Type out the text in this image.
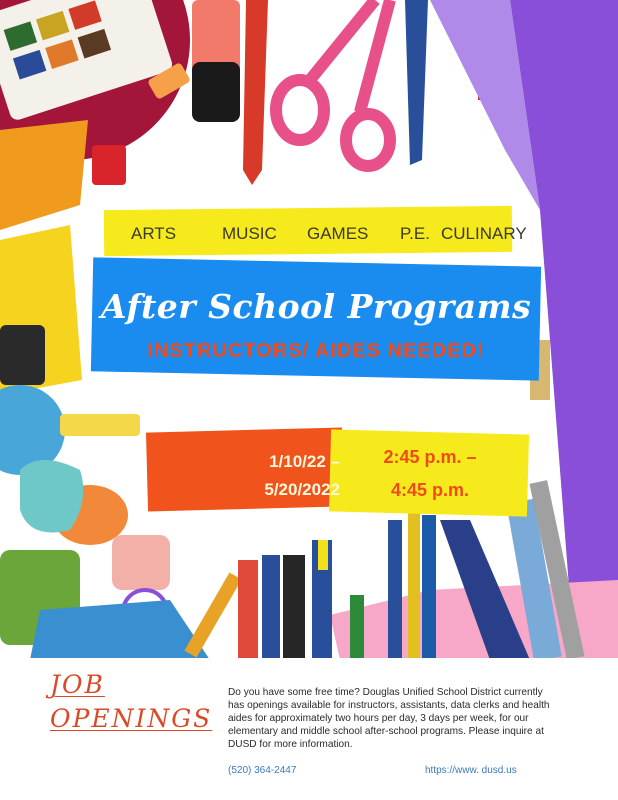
ARTS	MUSIC GAMES P.E. CULINARY
After School Programs
INSTRUCTORS/ AIDES NEEDED!
1/10/22 –
5/20/2022
2:45 p.m. –
4:45 p.m.
JOB
OPENINGS
Do you have some free time? Douglas Unified School District currently has openings available for instructors, assistants, data clerks and health aides for approximately two hours per day, 3 days per week, for our elementary and middle school after-school programs. Please inquire at DUSD for more information.
(520) 364-2447	https://www. dusd.us
